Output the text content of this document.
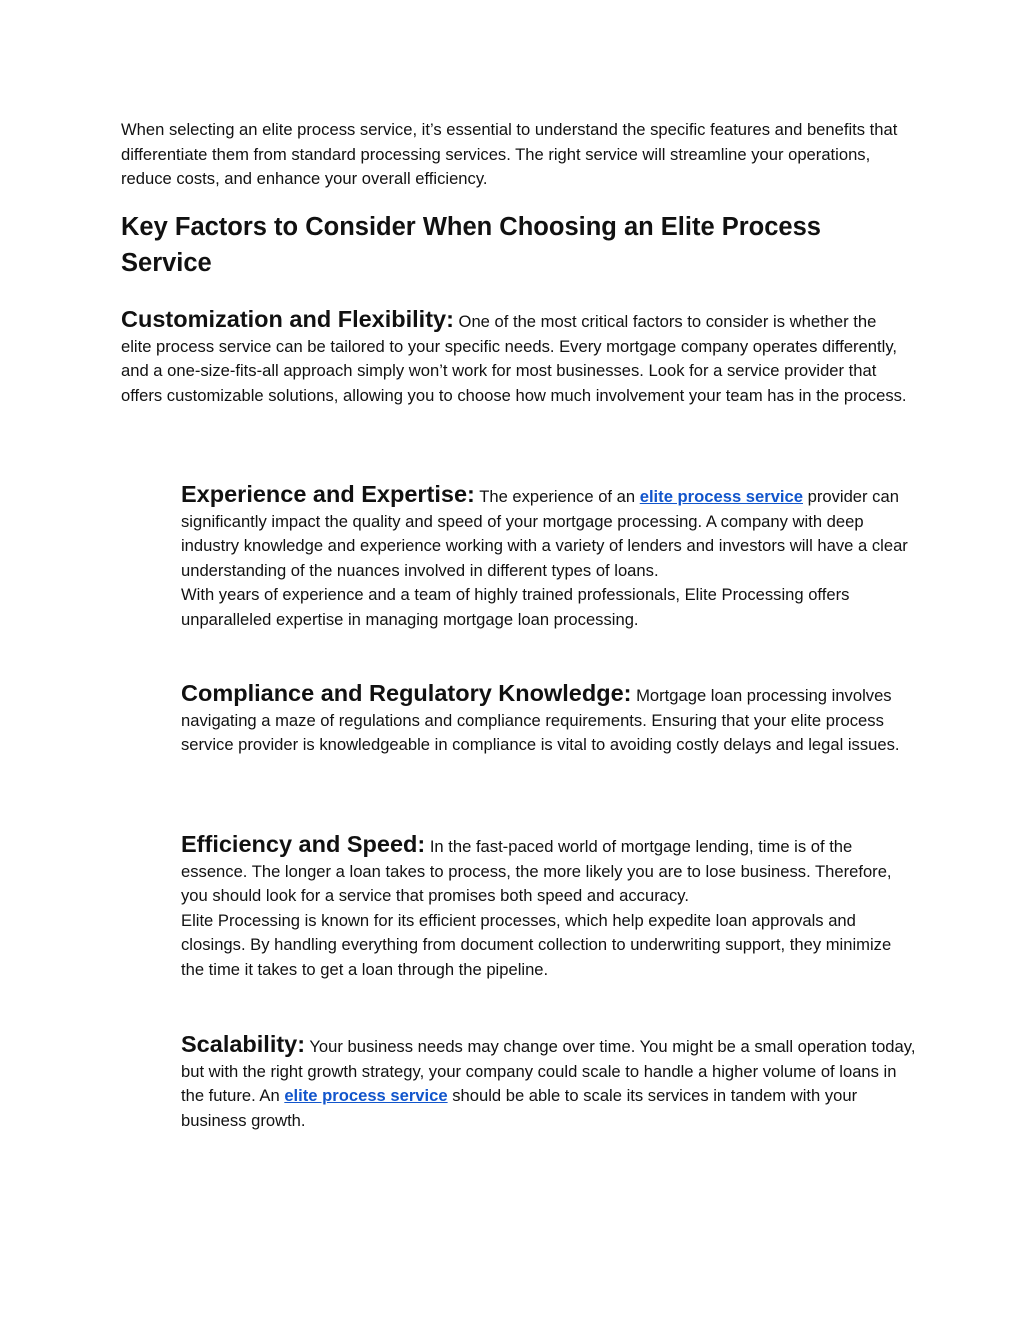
When selecting an elite process service, it’s essential to understand the specific features and benefits that differentiate them from standard processing services. The right service will streamline your operations, reduce costs, and enhance your overall efficiency.

Key Factors to Consider When Choosing an Elite Process Service

Customization and Flexibility: One of the most critical factors to consider is whether the elite process service can be tailored to your specific needs. Every mortgage company operates differently, and a one-size-fits-all approach simply won’t work for most businesses. Look for a service provider that offers customizable solutions, allowing you to choose how much involvement your team has in the process.

Experience and Expertise: The experience of an elite process service provider can significantly impact the quality and speed of your mortgage processing. A company with deep industry knowledge and experience working with a variety of lenders and investors will have a clear understanding of the nuances involved in different types of loans.

With years of experience and a team of highly trained professionals, Elite Processing offers unparalleled expertise in managing mortgage loan processing.

Compliance and Regulatory Knowledge: Mortgage loan processing involves navigating a maze of regulations and compliance requirements. Ensuring that your elite process service provider is knowledgeable in compliance is vital to avoiding costly delays and legal issues.

Efficiency and Speed: In the fast-paced world of mortgage lending, time is of the essence. The longer a loan takes to process, the more likely you are to lose business. Therefore, you should look for a service that promises both speed and accuracy.

Elite Processing is known for its efficient processes, which help expedite loan approvals and closings. By handling everything from document collection to underwriting support, they minimize the time it takes to get a loan through the pipeline.

Scalability: Your business needs may change over time. You might be a small operation today, but with the right growth strategy, your company could scale to handle a higher volume of loans in the future. An elite process service should be able to scale its services in tandem with your business growth.
